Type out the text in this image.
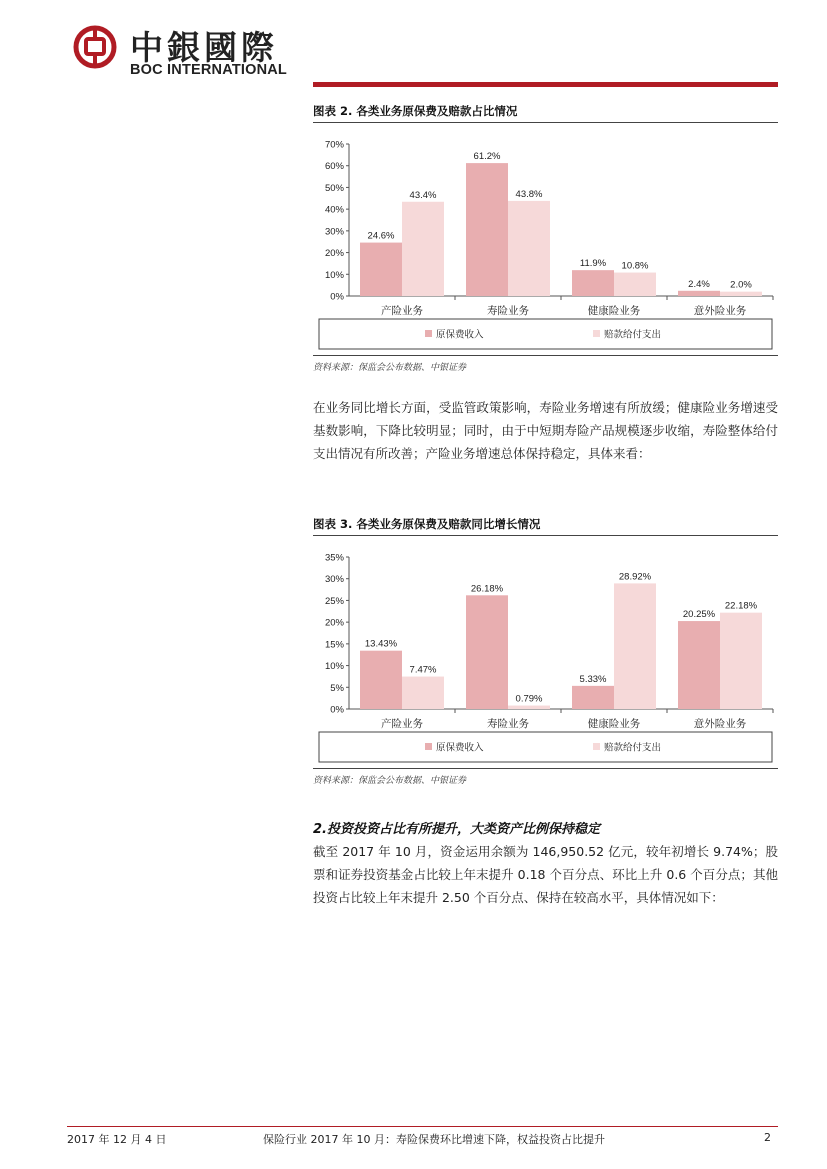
中銀國際
BOC INTERNATIONAL
图表 2. 各类业务原保费及赔款占比情况
0%
10%
20%
30%
40%
50%
60%
70%
24.6%
43.4%
产险业务
61.2%
43.8%
寿险业务
11.9% 10.8%
健康险业务
2.4% 2.0%
意外险业务
原保费收入	赔款给付支出
资料来源：保监会公布数据、中银证券
在业务同比增长方面，受监管政策影响，寿险业务增速有所放缓；健康险业务增速受基数影响，下降比较明显；同时，由于中短期寿险产品规模逐步收缩，寿险整体给付支出情况有所改善；产险业务增速总体保持稳定，具体来看：
图表 3. 各类业务原保费及赔款同比增长情况
0%
5%
10%
15%
20%
25%
30%
35%
13.43%
7.47%
产险业务
26.18%
0.79%
寿险业务
5.33%
28.92%
健康险业务
20.25%
22.18%
意外险业务
原保费收入	赔款给付支出
资料来源：保监会公布数据、中银证券
2.投资投资占比有所提升，大类资产比例保持稳定
截至 2017 年 10 月，资金运用余额为 146,950.52 亿元，较年初增长 9.74%；股票和证券投资基金占比较上年末提升 0.18 个百分点、环比上升 0.6 个百分点；其他投资占比较上年末提升 2.50 个百分点、保持在较高水平，具体情况如下：
2017 年 12 月 4 日	保险行业 2017 年 10 月：寿险保费环比增速下降，权益投资占比提升	2
